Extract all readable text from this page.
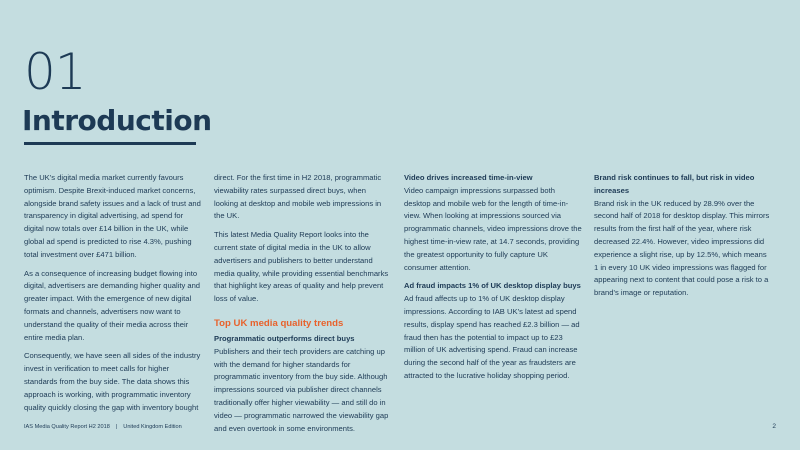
01
Introduction

The UK’s digital media market currently favours optimism. Despite Brexit-induced market concerns, alongside brand safety issues and a lack of trust and transparency in digital advertising, ad spend for digital now totals over £14 billion in the UK, while global ad spend is predicted to rise 4.3%, pushing total investment over £471 billion.

As a consequence of increasing budget flowing into digital, advertisers are demanding higher quality and greater impact. With the emergence of new digital formats and channels, advertisers now want to understand the quality of their media across their entire media plan.

Consequently, we have seen all sides of the industry invest in verification to meet calls for higher standards from the buy side. The data shows this approach is working, with programmatic inventory quality quickly closing the gap with inventory bought

direct. For the first time in H2 2018, programmatic viewability rates surpassed direct buys, when looking at desktop and mobile web impressions in the UK.

This latest Media Quality Report looks into the current state of digital media in the UK to allow advertisers and publishers to better understand media quality, while providing essential benchmarks that highlight key areas of quality and help prevent loss of value.

Top UK media quality trends
Programmatic outperforms direct buys

Publishers and their tech providers are catching up with the demand for higher standards for programmatic inventory from the buy side. Although impressions sourced via publisher direct channels traditionally offer higher viewability — and still do in video — programmatic narrowed the viewability gap and even overtook in some environments.

Video drives increased time-in-view

Video campaign impressions surpassed both desktop and mobile web for the length of time-in-view. When looking at impressions sourced via programmatic channels, video impressions drove the highest time-in-view rate, at 14.7 seconds, providing the greatest opportunity to fully capture UK consumer attention.

Ad fraud impacts 1% of UK desktop display buys

Ad fraud affects up to 1% of UK desktop display impressions. According to IAB UK’s latest ad spend results, display spend has reached £2.3 billion — ad fraud then has the potential to impact up to £23 million of UK advertising spend. Fraud can increase during the second half of the year as fraudsters are attracted to the lucrative holiday shopping period.

Brand risk continues to fall, but risk in video increases

Brand risk in the UK reduced by 28.9% over the second half of 2018 for desktop display. This mirrors results from the first half of the year, where risk decreased 22.4%. However, video impressions did experience a slight rise, up by 12.5%, which means 1 in every 10 UK video impressions was flagged for appearing next to content that could pose a risk to a brand’s image or reputation.

IAS Media Quality Report H2 2018 | United Kingdom Edition	2
